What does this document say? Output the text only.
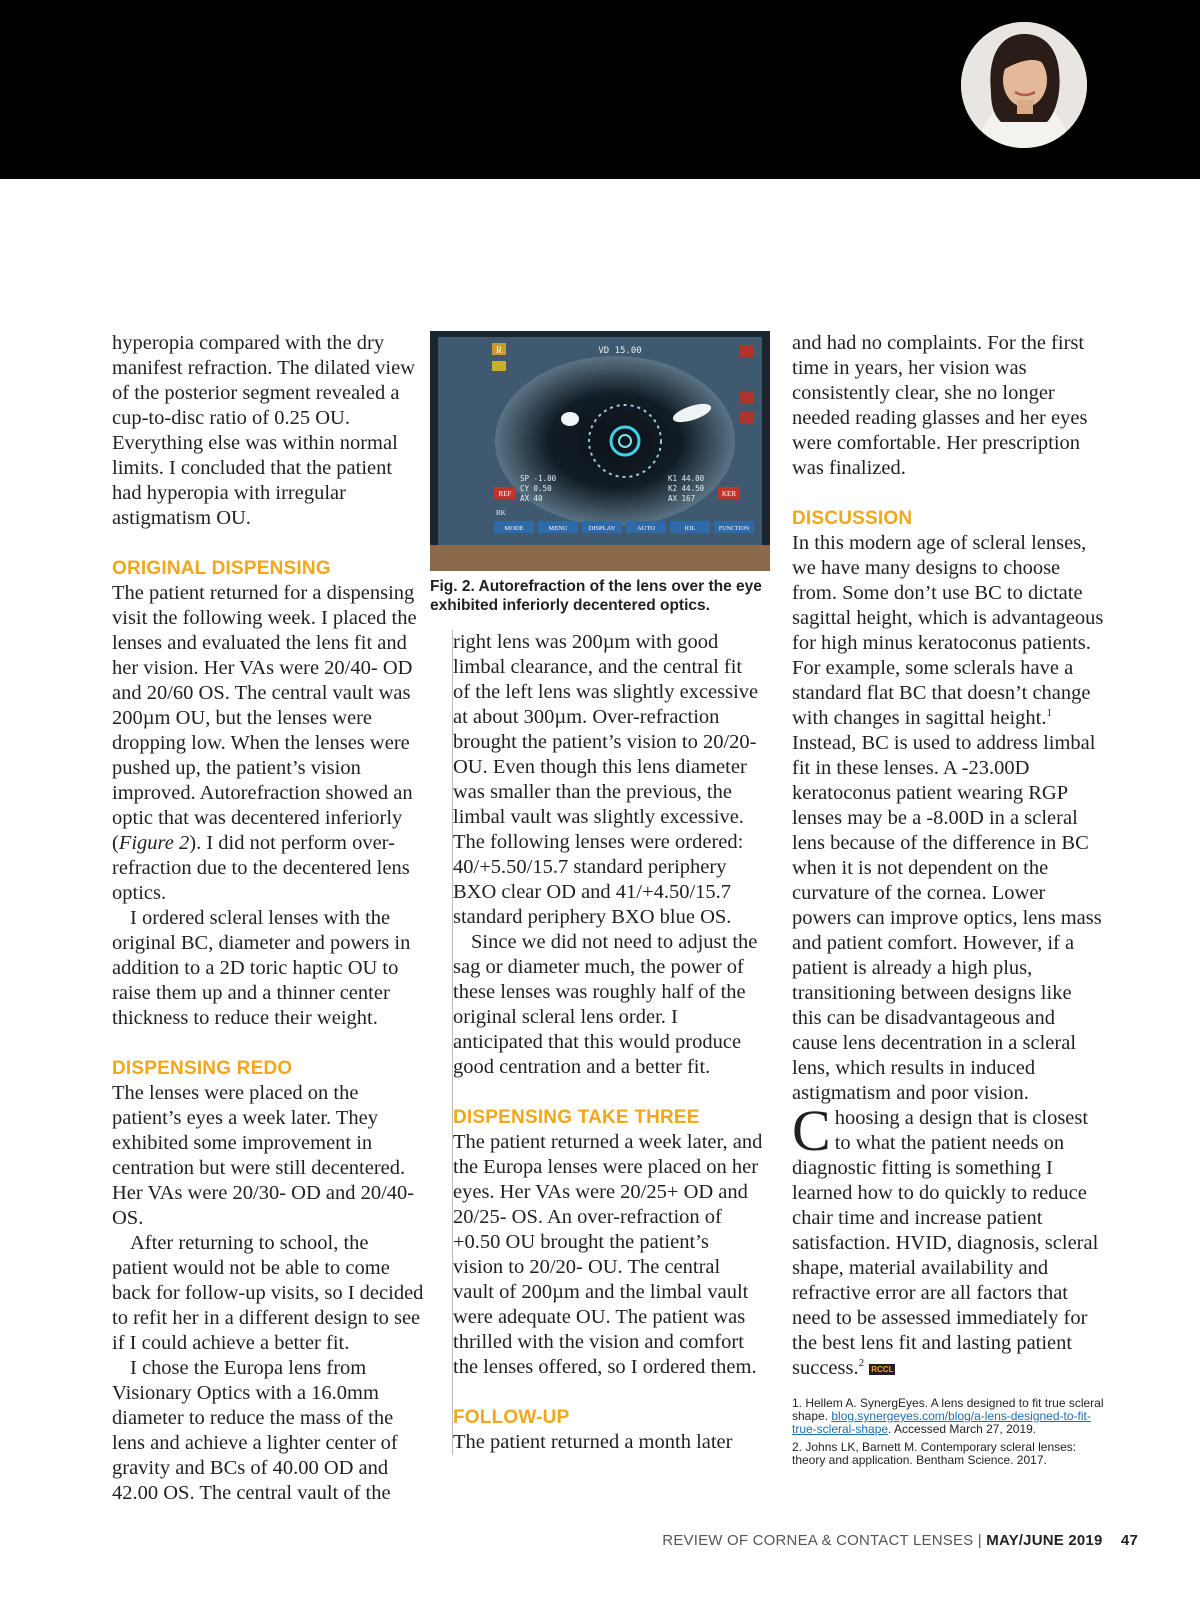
hyperopia compared with the dry manifest refraction. The dilated view of the posterior segment revealed a cup-to-disc ratio of 0.25 OU. Everything else was within normal limits. I concluded that the patient had hyperopia with irregular astigmatism OU.

ORIGINAL DISPENSING

The patient returned for a dispensing visit the following week. I placed the lenses and evaluated the lens fit and her vision. Her VAs were 20/40- OD and 20/60 OS. The central vault was 200µm OU, but the lenses were dropping low. When the lenses were pushed up, the patient’s vision improved. Autorefraction showed an optic that was decentered inferiorly (Figure 2). I did not perform over-refraction due to the decentered lens optics.

I ordered scleral lenses with the original BC, diameter and powers in addition to a 2D toric haptic OU to raise them up and a thinner center thickness to reduce their weight.

DISPENSING REDO

The lenses were placed on the patient’s eyes a week later. They exhibited some improvement in centration but were still decentered. Her VAs were 20/30- OD and 20/40- OS.

After returning to school, the patient would not be able to come back for follow-up visits, so I decided to refit her in a different design to see if I could achieve a better fit.

I chose the Europa lens from Visionary Optics with a 16.0mm diameter to reduce the mass of the lens and achieve a lighter center of gravity and BCs of 40.00 OD and 42.00 OS. The central vault of the

R	VD 15.00
REF
SP -1.00
CY 0.50
AX 40
K1 44.00
K2 44.50
AX 167	KER
RK
MODE	MENU	DISPLAY	AUTO	IOL	FUNCTION
Fig. 2. Autorefraction of the lens over the eye exhibited inferiorly decentered optics.

right lens was 200µm with good limbal clearance, and the central fit of the left lens was slightly excessive at about 300µm. Over-refraction brought the patient’s vision to 20/20- OU. Even though this lens diameter was smaller than the previous, the limbal vault was slightly excessive. The following lenses were ordered: 40/+5.50/15.7 standard periphery BXO clear OD and 41/+4.50/15.7 standard periphery BXO blue OS.

Since we did not need to adjust the sag or diameter much, the power of these lenses was roughly half of the original scleral lens order. I anticipated that this would produce good centration and a better fit.

DISPENSING TAKE THREE

The patient returned a week later, and the Europa lenses were placed on her eyes. Her VAs were 20/25+ OD and 20/25- OS. An over-refraction of +0.50 OU brought the patient’s vision to 20/20- OU. The central vault of 200µm and the limbal vault were adequate OU. The patient was thrilled with the vision and comfort the lenses offered, so I ordered them.

FOLLOW-UP

The patient returned a month later

and had no complaints. For the first time in years, her vision was consistently clear, she no longer needed reading glasses and her eyes were comfortable. Her prescription was finalized.

DISCUSSION

In this modern age of scleral lenses, we have many designs to choose from. Some don’t use BC to dictate sagittal height, which is advantageous for high minus keratoconus patients. For example, some sclerals have a standard flat BC that doesn’t change with changes in sagittal height.$^1$ Instead, BC is used to address limbal fit in these lenses. A -23.00D keratoconus patient wearing RGP lenses may be a -8.00D in a scleral lens because of the difference in BC when it is not dependent on the curvature of the cornea. Lower powers can improve optics, lens mass and patient comfort. However, if a patient is already a high plus, transitioning between designs like this can be disadvantageous and cause lens decentration in a scleral lens, which results in induced astigmatism and poor vision.

Choosing a design that is closest to what the patient needs on diagnostic fitting is something I learned how to do quickly to reduce chair time and increase patient satisfaction. HVID, diagnosis, scleral shape, material availability and refractive error are all factors that need to be assessed immediately for the best lens fit and lasting patient success.$^2$ RCCL

1. Hellem A. SynergEyes. A lens designed to fit true scleral shape. blog.synergeyes.com/blog/a-lens-designed-to-fit-true-scleral-shape. Accessed March 27, 2019.

2. Johns LK, Barnett M. Contemporary scleral lenses: theory and application. Bentham Science. 2017.

REVIEW OF CORNEA & CONTACT LENSES | MAY/JUNE 2019 47
